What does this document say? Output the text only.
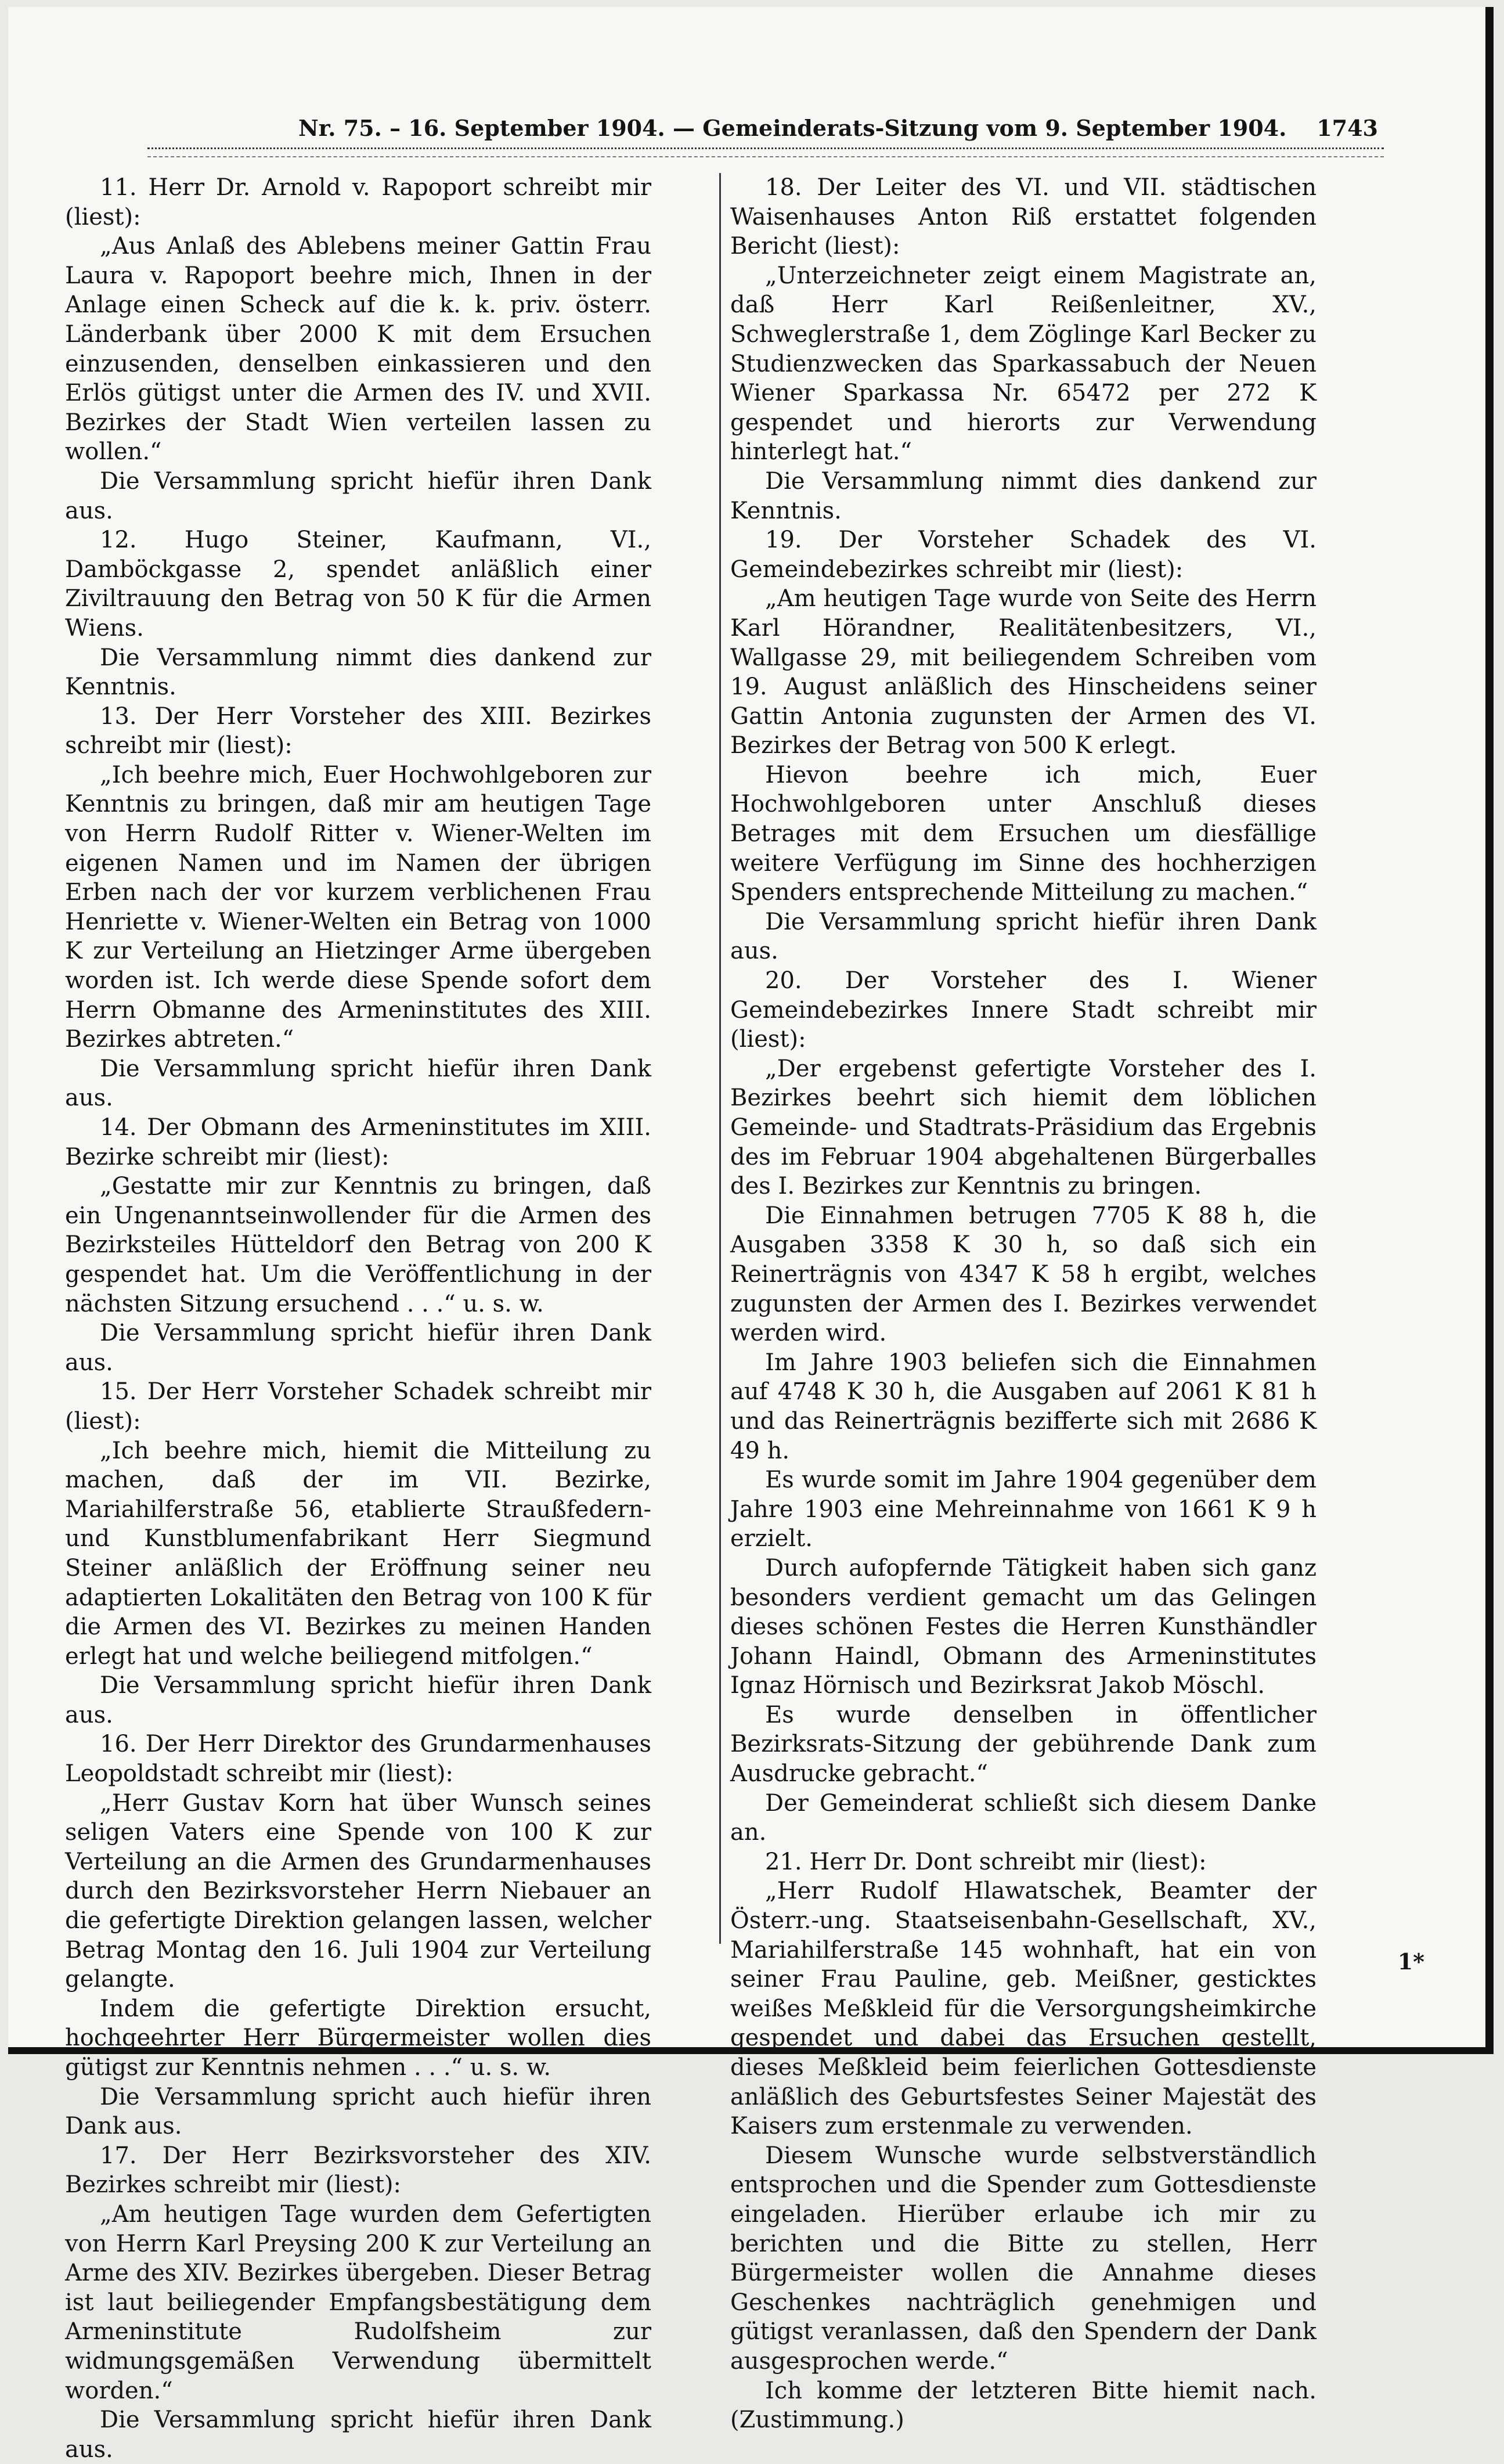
Nr. 75. – 16. September 1904. — Gemeinderats-Sitzung vom 9. September 1904. 1743

11. Herr Dr. Arnold v. Rapoport schreibt mir (liest):

„Aus Anlaß des Ablebens meiner Gattin Frau Laura v. Rapoport beehre mich, Ihnen in der Anlage einen Scheck auf die k. k. priv. österr. Länderbank über 2000 K mit dem Ersuchen einzusenden, denselben einkassieren und den Erlös gütigst unter die Armen des IV. und XVII. Bezirkes der Stadt Wien verteilen lassen zu wollen.“

Die Versammlung spricht hiefür ihren Dank aus.

12. Hugo Steiner, Kaufmann, VI., Damböckgasse 2, spendet anläßlich einer Ziviltrauung den Betrag von 50 K für die Armen Wiens.

Die Versammlung nimmt dies dankend zur Kenntnis.

13. Der Herr Vorsteher des XIII. Bezirkes schreibt mir (liest):

„Ich beehre mich, Euer Hochwohlgeboren zur Kenntnis zu bringen, daß mir am heutigen Tage von Herrn Rudolf Ritter v. Wiener-Welten im eigenen Namen und im Namen der übrigen Erben nach der vor kurzem verblichenen Frau Henriette v. Wiener-Welten ein Betrag von 1000 K zur Verteilung an Hietzinger Arme übergeben worden ist. Ich werde diese Spende sofort dem Herrn Obmanne des Armeninstitutes des XIII. Bezirkes abtreten.“

Die Versammlung spricht hiefür ihren Dank aus.

14. Der Obmann des Armeninstitutes im XIII. Bezirke schreibt mir (liest):

„Gestatte mir zur Kenntnis zu bringen, daß ein Ungenanntseinwollender für die Armen des Bezirksteiles Hütteldorf den Betrag von 200 K gespendet hat. Um die Veröffentlichung in der nächsten Sitzung ersuchend . . .“ u. s. w.

Die Versammlung spricht hiefür ihren Dank aus.

15. Der Herr Vorsteher Schadek schreibt mir (liest):

„Ich beehre mich, hiemit die Mitteilung zu machen, daß der im VII. Bezirke, Mariahilferstraße 56, etablierte Straußfedern- und Kunstblumenfabrikant Herr Siegmund Steiner anläßlich der Eröffnung seiner neu adaptierten Lokalitäten den Betrag von 100 K für die Armen des VI. Bezirkes zu meinen Handen erlegt hat und welche beiliegend mitfolgen.“

Die Versammlung spricht hiefür ihren Dank aus.

16. Der Herr Direktor des Grundarmenhauses Leopoldstadt schreibt mir (liest):

„Herr Gustav Korn hat über Wunsch seines seligen Vaters eine Spende von 100 K zur Verteilung an die Armen des Grundarmenhauses durch den Bezirksvorsteher Herrn Niebauer an die gefertigte Direktion gelangen lassen, welcher Betrag Montag den 16. Juli 1904 zur Verteilung gelangte.

Indem die gefertigte Direktion ersucht, hochgeehrter Herr Bürgermeister wollen dies gütigst zur Kenntnis nehmen . . .“ u. s. w.

Die Versammlung spricht auch hiefür ihren Dank aus.

17. Der Herr Bezirksvorsteher des XIV. Bezirkes schreibt mir (liest):

„Am heutigen Tage wurden dem Gefertigten von Herrn Karl Preysing 200 K zur Verteilung an Arme des XIV. Bezirkes übergeben. Dieser Betrag ist laut beiliegender Empfangsbestätigung dem Armeninstitute Rudolfsheim zur widmungsgemäßen Verwendung übermittelt worden.“

Die Versammlung spricht hiefür ihren Dank aus.

18. Der Leiter des VI. und VII. städtischen Waisenhauses Anton Riß erstattet folgenden Bericht (liest):

„Unterzeichneter zeigt einem Magistrate an, daß Herr Karl Reißenleitner, XV., Schweglerstraße 1, dem Zöglinge Karl Becker zu Studienzwecken das Sparkassabuch der Neuen Wiener Sparkassa Nr. 65472 per 272 K gespendet und hierorts zur Verwendung hinterlegt hat.“

Die Versammlung nimmt dies dankend zur Kenntnis.

19. Der Vorsteher Schadek des VI. Gemeindebezirkes schreibt mir (liest):

„Am heutigen Tage wurde von Seite des Herrn Karl Hörandner, Realitätenbesitzers, VI., Wallgasse 29, mit beiliegendem Schreiben vom 19. August anläßlich des Hinscheidens seiner Gattin Antonia zugunsten der Armen des VI. Bezirkes der Betrag von 500 K erlegt.

Hievon beehre ich mich, Euer Hochwohlgeboren unter Anschluß dieses Betrages mit dem Ersuchen um diesfällige weitere Verfügung im Sinne des hochherzigen Spenders entsprechende Mitteilung zu machen.“

Die Versammlung spricht hiefür ihren Dank aus.

20. Der Vorsteher des I. Wiener Gemeindebezirkes Innere Stadt schreibt mir (liest):

„Der ergebenst gefertigte Vorsteher des I. Bezirkes beehrt sich hiemit dem löblichen Gemeinde- und Stadtrats-Präsidium das Ergebnis des im Februar 1904 abgehaltenen Bürgerballes des I. Bezirkes zur Kenntnis zu bringen.

Die Einnahmen betrugen 7705 K 88 h, die Ausgaben 3358 K 30 h, so daß sich ein Reinerträgnis von 4347 K 58 h ergibt, welches zugunsten der Armen des I. Bezirkes verwendet werden wird.

Im Jahre 1903 beliefen sich die Einnahmen auf 4748 K 30 h, die Ausgaben auf 2061 K 81 h und das Reinerträgnis bezifferte sich mit 2686 K 49 h.

Es wurde somit im Jahre 1904 gegenüber dem Jahre 1903 eine Mehreinnahme von 1661 K 9 h erzielt.

Durch aufopfernde Tätigkeit haben sich ganz besonders verdient gemacht um das Gelingen dieses schönen Festes die Herren Kunsthändler Johann Haindl, Obmann des Armeninstitutes Ignaz Hörnisch und Bezirksrat Jakob Möschl.

Es wurde denselben in öffentlicher Bezirksrats-Sitzung der gebührende Dank zum Ausdrucke gebracht.“

Der Gemeinderat schließt sich diesem Danke an.

21. Herr Dr. Dont schreibt mir (liest):

„Herr Rudolf Hlawatschek, Beamter der Österr.-ung. Staatseisenbahn-Gesellschaft, XV., Mariahilferstraße 145 wohnhaft, hat ein von seiner Frau Pauline, geb. Meißner, gesticktes weißes Meßkleid für die Versorgungsheimkirche gespendet und dabei das Ersuchen gestellt, dieses Meßkleid beim feierlichen Gottesdienste anläßlich des Geburtsfestes Seiner Majestät des Kaisers zum erstenmale zu verwenden.

Diesem Wunsche wurde selbstverständlich entsprochen und die Spender zum Gottesdienste eingeladen. Hierüber erlaube ich mir zu berichten und die Bitte zu stellen, Herr Bürgermeister wollen die Annahme dieses Geschenkes nachträglich genehmigen und gütigst veranlassen, daß den Spendern der Dank ausgesprochen werde.“

Ich komme der letzteren Bitte hiemit nach. (Zustimmung.)

1*
